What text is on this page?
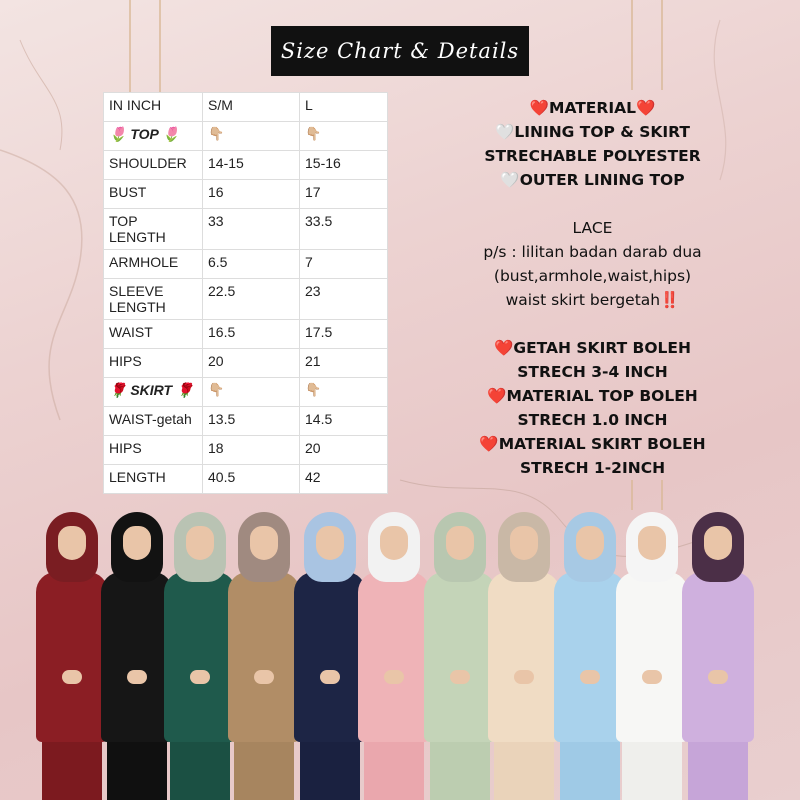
Size Chart & Details
IN INCH	S/M	L
🌷 TOP 🌷	👇🏼	👇🏼
SHOULDER	14-15	15-16
BUST	16	17
TOP LENGTH	33	33.5
ARMHOLE	6.5	7
SLEEVE LENGTH	22.5	23
WAIST	16.5	17.5
HIPS	20	21
🌹 SKIRT 🌹	👇🏼	👇🏼
WAIST-getah	13.5	14.5
HIPS	18	20
LENGTH	40.5	42
❤️MATERIAL❤️
🤍LINING TOP & SKIRT
STRECHABLE POLYESTER
🤍OUTER LINING TOP
LACE
p/s : lilitan badan darab dua
(bust,armhole,waist,hips)
waist skirt bergetah‼️
❤️GETAH SKIRT BOLEH
STRECH 3-4 INCH
❤️MATERIAL TOP BOLEH
STRECH 1.0 INCH
❤️MATERIAL SKIRT BOLEH
STRECH 1-2INCH
